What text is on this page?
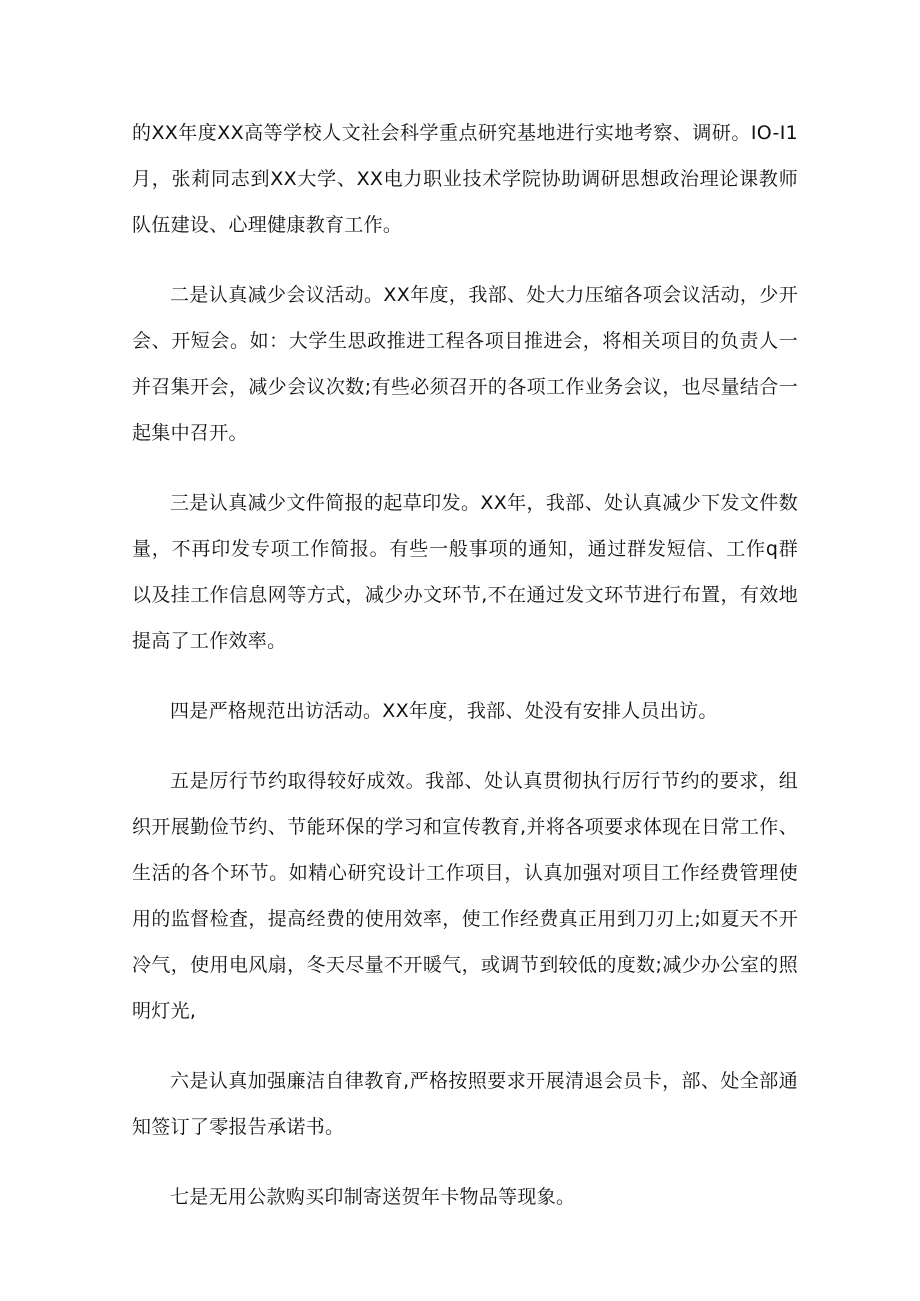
的XX年度XX高等学校人文社会科学重点研究基地进行实地考察、调研。IO-I1月，张莉同志到XX大学、XX电力职业技术学院协助调研思想政治理论课教师队伍建设、心理健康教育工作。

二是认真减少会议活动。XX年度，我部、处大力压缩各项会议活动，少开会、开短会。如：大学生思政推进工程各项目推进会，将相关项目的负责人一并召集开会，减少会议次数;有些必须召开的各项工作业务会议，也尽量结合一起集中召开。

三是认真减少文件简报的起草印发。XX年，我部、处认真减少下发文件数量，不再印发专项工作简报。有些一般事项的通知，通过群发短信、工作q群以及挂工作信息网等方式，减少办文环节,不在通过发文环节进行布置，有效地提高了工作效率。

四是严格规范出访活动。XX年度，我部、处没有安排人员出访。

五是厉行节约取得较好成效。我部、处认真贯彻执行厉行节约的要求，组织开展勤俭节约、节能环保的学习和宣传教育,并将各项要求体现在日常工作、生活的各个环节。如精心研究设计工作项目，认真加强对项目工作经费管理使用的监督检査，提高经费的使用效率，使工作经费真正用到刀刃上;如夏天不开冷气，使用电风扇，冬天尽量不开暖气，或调节到较低的度数;减少办公室的照明灯光,

六是认真加强廉洁自律教育,严格按照要求开展清退会员卡，部、处全部通知签订了零报告承诺书。

七是无用公款购买印制寄送贺年卡物品等现象。
